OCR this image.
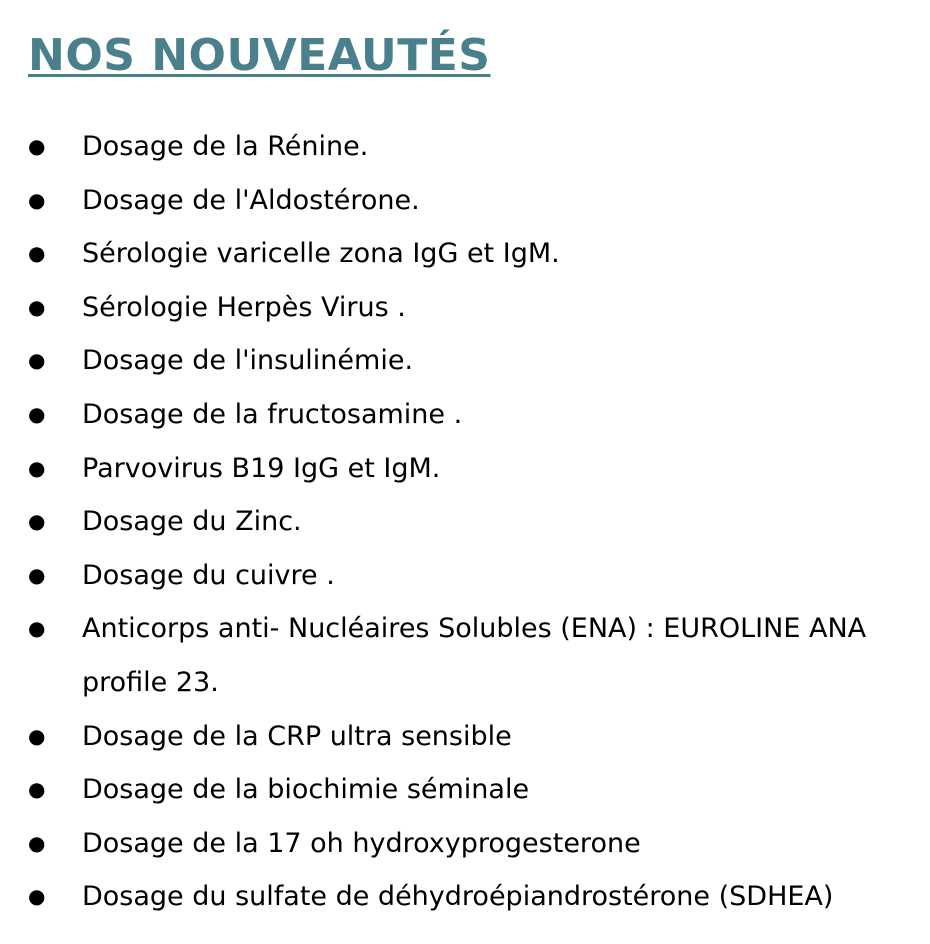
NOS NOUVEAUTÉS
● Dosage de la Rénine.
● Dosage de l'Aldostérone.
● Sérologie varicelle zona IgG et IgM.
● Sérologie Herpès Virus .
● Dosage de l'insulinémie.
● Dosage de la fructosamine .
● Parvovirus B19 IgG et IgM.
● Dosage du Zinc.
● Dosage du cuivre .
● Anticorps anti- Nucléaires Solubles (ENA) : EUROLINE ANA profile 23.
● Dosage de la CRP ultra sensible
● Dosage de la biochimie séminale
● Dosage de la 17 oh hydroxyprogesterone
● Dosage du sulfate de déhydroépiandrostérone (SDHEA)
